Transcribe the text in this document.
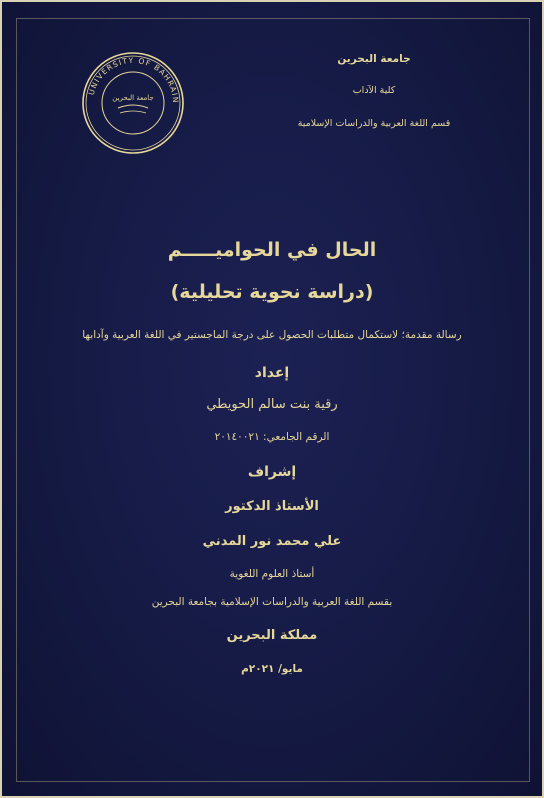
UNIVERSITY OF BAHRAIN
جامعة البحرين
جامعة البحرين
كلية الآداب
قسم اللغة العربية والدراسات الإسلامية
الحال في الحواميـــــم
(دراسة نحوية تحليلية)
رسالة مقدمة؛ لاستكمال متطلبات الحصول على درجة الماجستير في اللغة العربية وآدابها
إعداد
رقية بنت سالم الحويطي
الرقم الجامعي: ٢٠١٤٠٠٢١
إشراف
الأستاذ الدكتور
علي محمد نور المدني
أستاذ العلوم اللغوية
بقسم اللغة العربية والدراسات الإسلامية بجامعة البحرين
مملكة البحرين
مايو/ ٢٠٢١م
